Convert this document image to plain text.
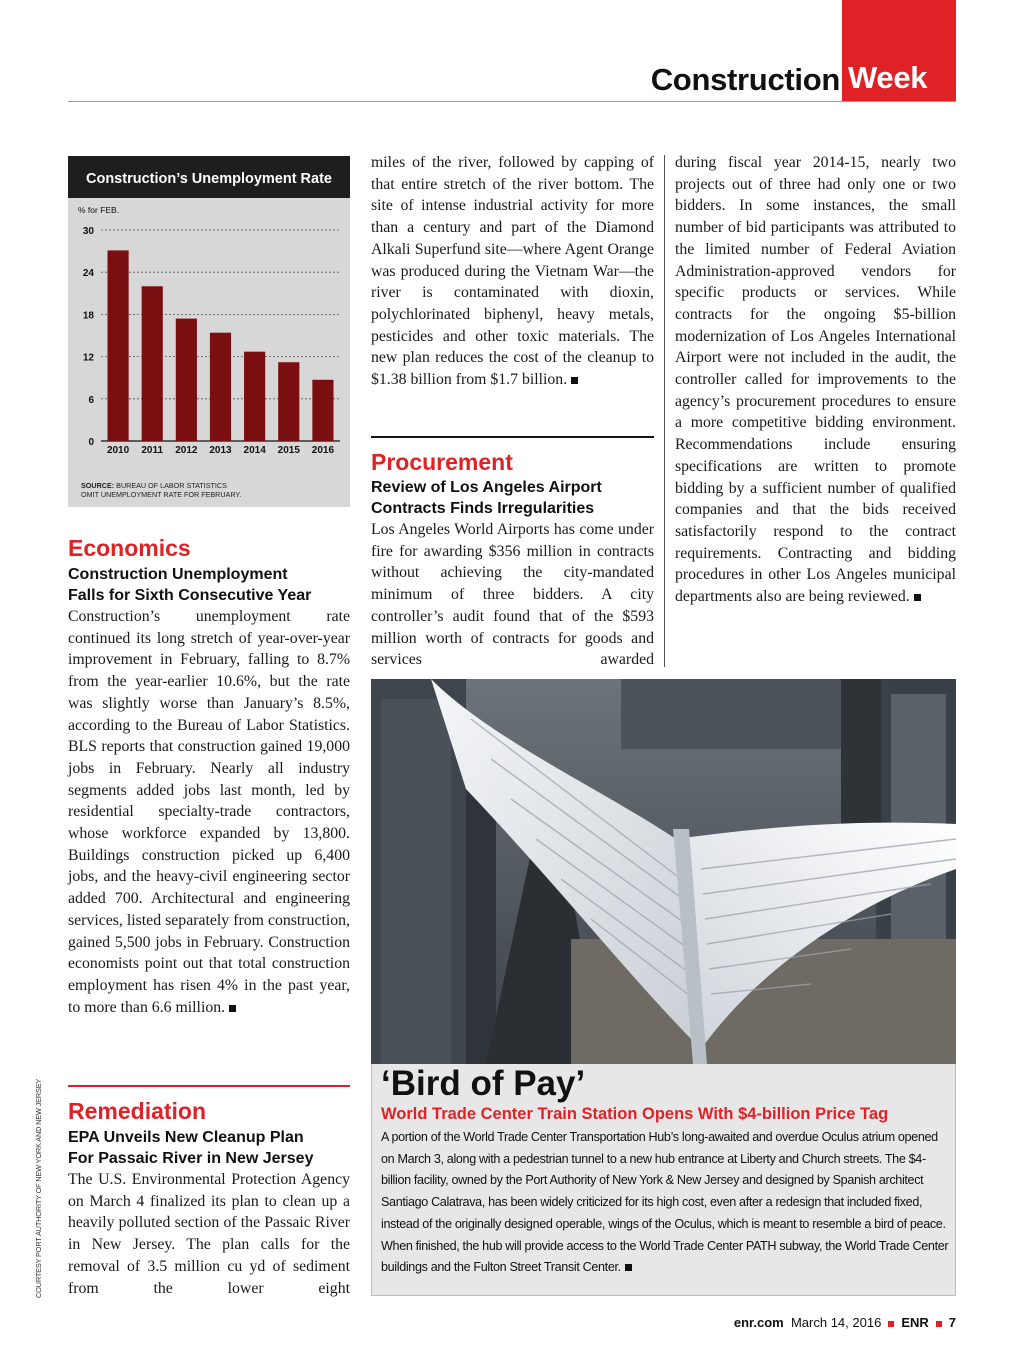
Week
Construction
Construction’s Unemployment Rate
% for FEB.
0
6
12
18
24
30
2010 2011 2012 2013 2014 2015 2016
SOURCE: BUREAU OF LABOR STATISTICS
OMIT UNEMPLOYMENT RATE FOR FEBRUARY.
Economics
Construction Unemployment
Falls for Sixth Consecutive Year
Construction’s unemployment rate continued its long stretch of year-over-year improvement in February, falling to 8.7% from the year-earlier 10.6%, but the rate was slightly worse than January’s 8.5%, according to the Bureau of Labor Statistics. BLS reports that construction gained 19,000 jobs in February. Nearly all industry segments added jobs last month, led by residential specialty-trade contractors, whose workforce expanded by 13,800. Buildings construction picked up 6,400 jobs, and the heavy-civil engineering sector added 700. Architectural and engineering services, listed separately from construction, gained 5,500 jobs in February. Construction economists point out that total construction employment has risen 4% in the past year, to more than 6.6 million.
Remediation
EPA Unveils New Cleanup Plan
For Passaic River in New Jersey
The U.S. Environmental Protection Agency on March 4 finalized its plan to clean up a heavily polluted section of the Passaic River in New Jersey. The plan calls for the removal of 3.5 million cu yd of sediment from the lower eight
miles of the river, followed by capping of that entire stretch of the river bottom. The site of intense industrial activity for more than a century and part of the Diamond Alkali Superfund site—where Agent Orange was produced during the Vietnam War—the river is contaminated with dioxin, polychlorinated biphenyl, heavy metals, pesticides and other toxic materials. The new plan reduces the cost of the cleanup to $1.38 billion from $1.7 billion.
Procurement
Review of Los Angeles Airport
Contracts Finds Irregularities
Los Angeles World Airports has come under fire for awarding $356 million in contracts without achieving the city-mandated minimum of three bidders. A city controller’s audit found that of the $593 million worth of contracts for goods and services awarded
during fiscal year 2014-15, nearly two projects out of three had only one or two bidders. In some instances, the small number of bid participants was attributed to the limited number of Federal Aviation Administration-approved vendors for specific products or services. While contracts for the ongoing $5-billion modernization of Los Angeles International Airport were not included in the audit, the controller called for improvements to the agency’s procurement procedures to ensure a more competitive bidding environment. Recommendations include ensuring specifications are written to promote bidding by a sufficient number of qualified companies and that the bids received satisfactorily respond to the contract requirements. Contracting and bidding procedures in other Los Angeles municipal departments also are being reviewed.
‘Bird of Pay’
World Trade Center Train Station Opens With $4-billion Price Tag
A portion of the World Trade Center Transportation Hub’s long-awaited and overdue Oculus atrium opened on March 3, along with a pedestrian tunnel to a new hub entrance at Liberty and Church streets. The $4-billion facility, owned by the Port Authority of New York & New Jersey and designed by Spanish architect Santiago Calatrava, has been widely criticized for its high cost, even after a redesign that included fixed, instead of the originally designed operable, wings of the Oculus, which is meant to resemble a bird of peace. When finished, the hub will provide access to the World Trade Center PATH subway, the World Trade Center buildings and the Fulton Street Transit Center.
COURTESY PORT AUTHORITY OF NEW YORK AND NEW JERSEY
enr.com March 14, 2016 ENR 7
